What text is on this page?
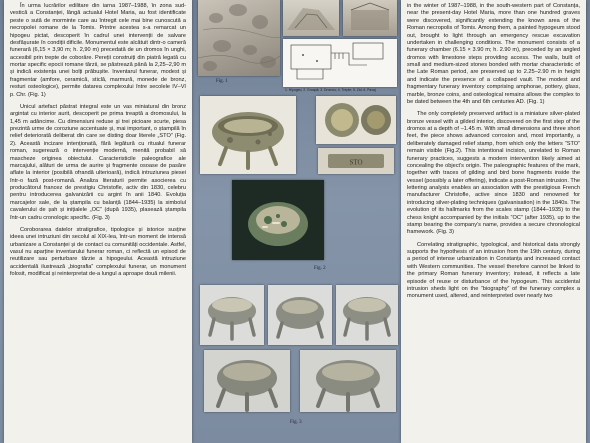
În urma lucrărilor edilitare din iarna 1987–1988, în zona sud-vestică a Constanței, lângă actualul Hotel Maria, au fost identificate peste o sută de morminte care au întregit cele mai bine cunoscută a necropolei romane de la Tomis. Printre acestea s-a remarcat un hipogeu pictat, descoperit în cadrul unei intervenții de salvare desfășurate în condiții dificile. Monumentul este alcătuit dintr-o cameră funerară (6,15 × 3,90 m; h. 2,90 m) precedată de un dromos în unghi, accesibil prin trepte de coborâre. Pereții construiți din piatră legată cu mortar specific epocii romane târzii, se păstrează până la 2,25–2,90 m și indică existența unei bolți prăbușite. Inventarul funerar, modest și fragmentar (amfore, ceramică, sticlă, marmură, monede de bronz, resturi osteologice), permite datarea complexului între secolele IV–VI p. Chr. (Fig. 1)

Unicul artefact păstrat integral este un vas miniatural din bronz argintat cu interior aurit, descoperit pe prima treaptă a dromosului, la 1,45 m adâncime. Cu dimensiuni reduse și trei picioare scurte, piesa prezintă urme de coroziune accentuate și, mai important, o ștampilă în relief deteriorată deliberat din care se disting doar literele „STO” (Fig. 2). Această incizare intenționată, fără legătură cu ritualul funerar roman, sugerează o intervenție modernă, menită probabil să mascheze originea obiectului. Caracteristicile paleografice ale marcajului, alături de urma de aurire și fragmente osoase de pasăre aflate la interior (posibilă ofrandă ulterioară), indică intruziunea piesei într-o fază post-romană. Analiza literaturii permite asocierea cu producătorul francez de prestigiu Christofle, activ din 1830, celebru pentru introducerea galvanizării cu argint în anii 1840. Evoluția marcajelor sale, de la ștampila cu balanță (1844–1935) la simbolul cavalerului de șah și inițialele „OC” (după 1935), plasează ștampila într-un cadru cronologic specific. (Fig. 3)

Coroborarea datelor stratigrafice, tipologice și istorice susține ideea unei intruziuni din secolul al XIX-lea, într-un moment de intensă urbanizare a Constanței și de contact cu comunități occidentale. Astfel, vasul nu aparține inventarului funerar roman, ci reflectă un episod de reutilizare sau perturbare târzie a hipogeului. Această intruziune accidentală ilustrează „biografia” complexului funerar, un monument folosit, modificat și reinterpretat de-a lungul a aproape două milenii.

1. Hipogeu; 2. Groapă; 3. Dromos; 4. Trepte; 5. Zid; 6. Pavaj
Fig. 1
STO
Fig. 2
Fig. 3

in the winter of 1987–1988, in the south-western part of Constanța, near the present-day Hotel Maria, more than one hundred graves were discovered, significantly extending the known area of the Roman necropolis of Tomis. Among them, a painted hypogeum stood out, brought to light through an emergency rescue excavation undertaken in challenging conditions. The monument consists of a funerary chamber (6.15 × 3.90 m; h. 2.90 m), preceded by an angled dromos with limestone steps providing access. The walls, built of small and medium-sized stones bonded with mortar characteristic of the Late Roman period, are preserved up to 2.25–2.90 m in height and indicate the presence of a collapsed vault. The modest and fragmentary funerary inventory comprising amphorae, pottery, glass, marble, bronze coins, and osteological remains allows the complex to be dated between the 4th and 6th centuries AD. (Fig. 1)

The only completely preserved artifact is a miniature silver-plated bronze vessel with a gilded interior, discovered on the first step of the dromos at a depth of –1.45 m. With small dimensions and three short feet, the piece shows advanced corrosion and, most importantly, a deliberately damaged relief stamp, from which only the letters “STO” remain visible (Fig.2). This intentional incision, unrelated to Roman funerary practices, suggests a modern intervention likely aimed at concealing the object’s origin. The paleographic features of the mark, together with traces of gilding and bird bone fragments inside the vessel (possibly a later offering), indicate a post-Roman intrusion. The lettering analysis enables an association with the prestigious French manufacturer Christofle, active since 1830 and renowned for introducing silver-plating techniques (galvanisation) in the 1840s. The evolution of its hallmarks from the scales stamp (1844–1935) to the chess knight accompanied by the initials “OC” (after 1935), up to the stamp bearing the company’s name, provides a secure chronological framework. (Fig. 3)

Correlating stratigraphic, typological, and historical data strongly supports the hypothesis of an intrusion from the 19th century, during a period of intense urbanization in Constanța and increased contact with Western communities. The vessel therefore cannot be linked to the primary Roman funerary inventory; instead, it reflects a late episode of reuse or disturbance of the hypogeum. This accidental intrusion sheds light on the “biography” of the funerary complex a monument used, altered, and reinterpreted over nearly two
